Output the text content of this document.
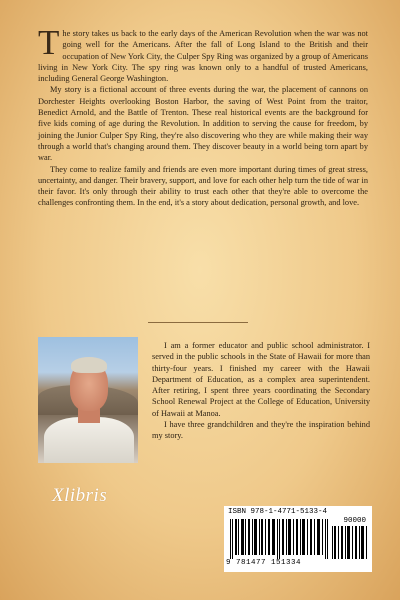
The story takes us back to the early days of the American Revolution when the war was not going well for the Americans. After the fall of Long Island to the British and their occupation of New York City, the Culper Spy Ring was organized by a group of Americans living in New York City. The spy ring was known only to a handful of trusted Americans, including General George Washington.

My story is a fictional account of three events during the war, the placement of cannons on Dorchester Heights overlooking Boston Harbor, the saving of West Point from the traitor, Benedict Arnold, and the Battle of Trenton. These real historical events are the background for five kids coming of age during the Revolution. In addition to serving the cause for freedom, by joining the Junior Culper Spy Ring, they're also discovering who they are while making their way through a world that's changing around them. They discover beauty in a world being torn apart by war.

They come to realize family and friends are even more important during times of great stress, uncertainty, and danger. Their bravery, support, and love for each other help turn the tide of war in their favor. It's only through their ability to trust each other that they're able to overcome the challenges confronting them. In the end, it's a story about dedication, personal growth, and love.

I am a former educator and public school administrator. I served in the public schools in the State of Hawaii for more than thirty-four years. I finished my career with the Hawaii Department of Education, as a complex area superintendent. After retiring, I spent three years coordinating the Secondary School Renewal Project at the College of Education, University of Hawaii at Manoa.

I have three grandchildren and they're the inspiration behind my story.

Xlibris
ISBN 978-1-4771-5133-4
90000
9 781477 151334
